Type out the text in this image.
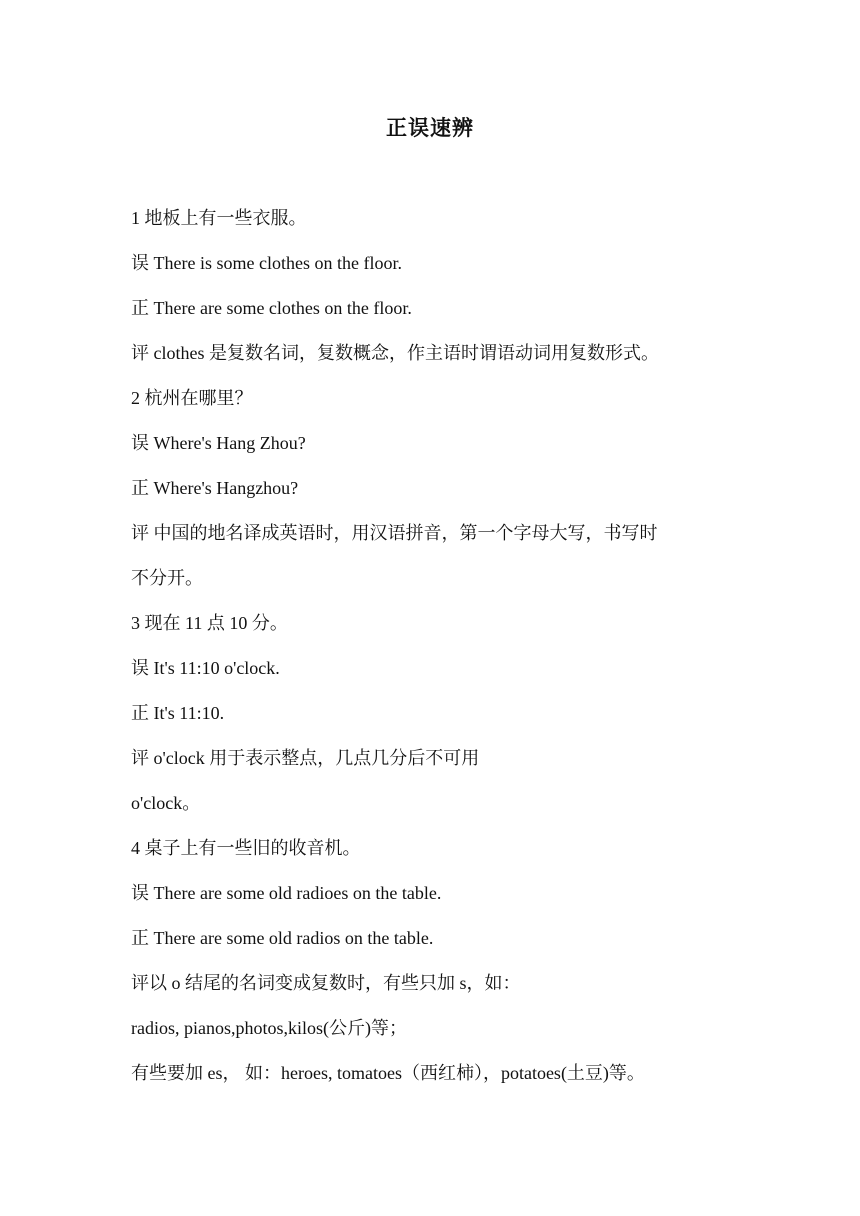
正误速辨
1 地板上有一些衣服。
误 There is some clothes on the floor.
正 There are some clothes on the floor.
评 clothes 是复数名词，复数概念，作主语时谓语动词用复数形式。
2 杭州在哪里？
误 Where's Hang Zhou?
正 Where's Hangzhou?
评 中国的地名译成英语时，用汉语拼音，第一个字母大写，书写时
不分开。
3 现在 11 点 10 分。
误 It's 11:10 o'clock.
正 It's 11:10.
评 o'clock 用于表示整点，几点几分后不可用
o'clock。
4 桌子上有一些旧的收音机。
误 There are some old radioes on the table.
正 There are some old radios on the table.
评以 o 结尾的名词变成复数时，有些只加 s，如：
radios, pianos,photos,kilos(公斤)等；
有些要加 es， 如：heroes, tomatoes（西红柿），potatoes(土豆)等。
